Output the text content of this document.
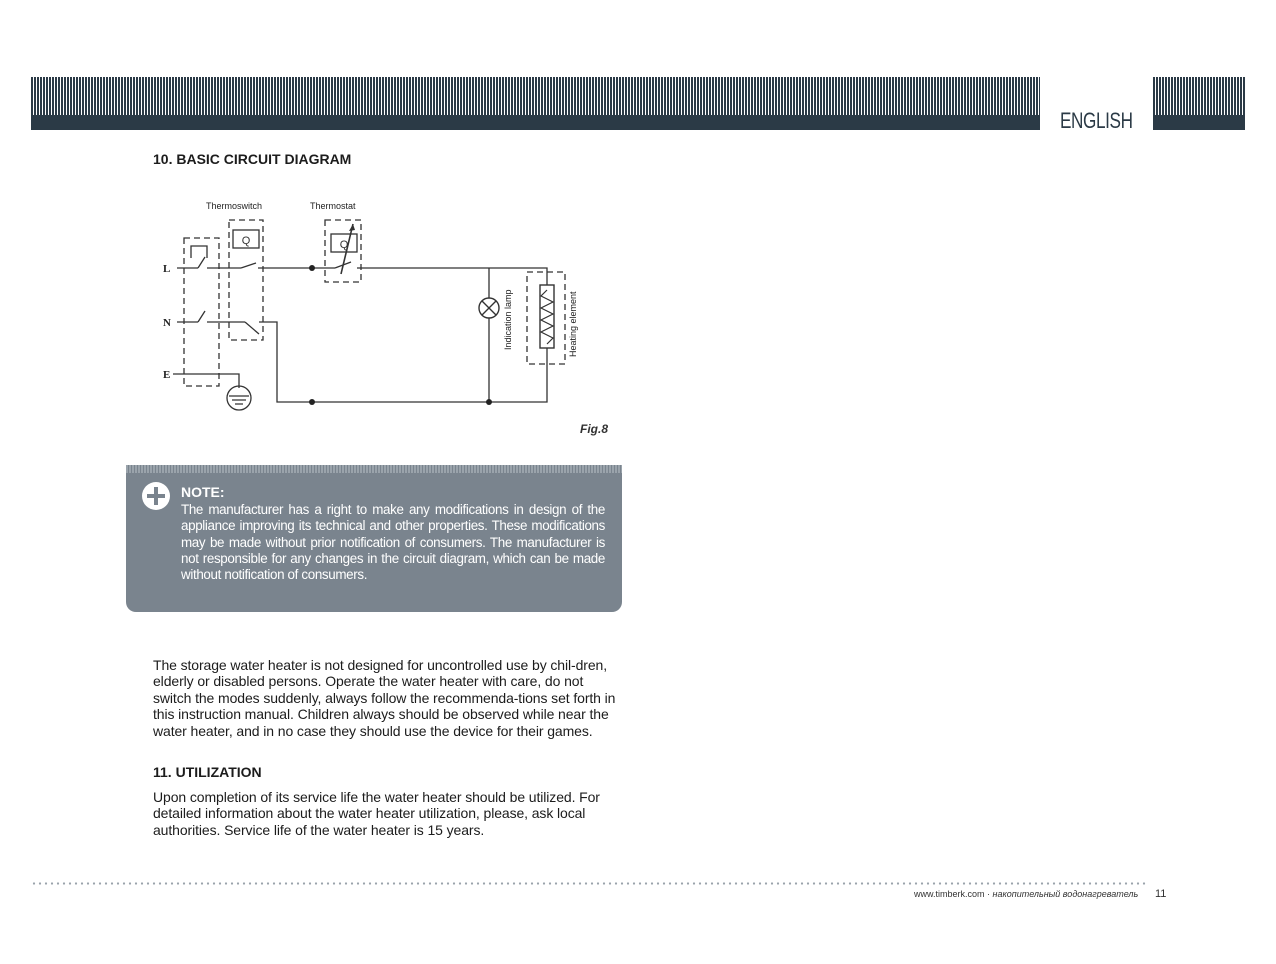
ENGLISH
10. BASIC CIRCUIT DIAGRAM
Q	Q
Thermoswitch	Thermostat
Indication lamp	Heating element
L
N
E
Fig.8
NOTE:
The manufacturer has a right to make any modifications in design of the appliance improving its technical and other properties. These modifications may be made without prior notification of consumers. The manufacturer is not responsible for any changes in the circuit diagram, which can be made without notification of consumers.
The storage water heater is not designed for uncontrolled use by chil-dren, elderly or disabled persons. Operate the water heater with care, do not switch the modes suddenly, always follow the recommenda-tions set forth in this instruction manual. Children always should be observed while near the water heater, and in no case they should use the device for their games.
11. UTILIZATION
Upon completion of its service life the water heater should be utilized. For detailed information about the water heater utilization, please, ask local authorities. Service life of the water heater is 15 years.
www.timberk.com · накопительный водонагреватель 11
